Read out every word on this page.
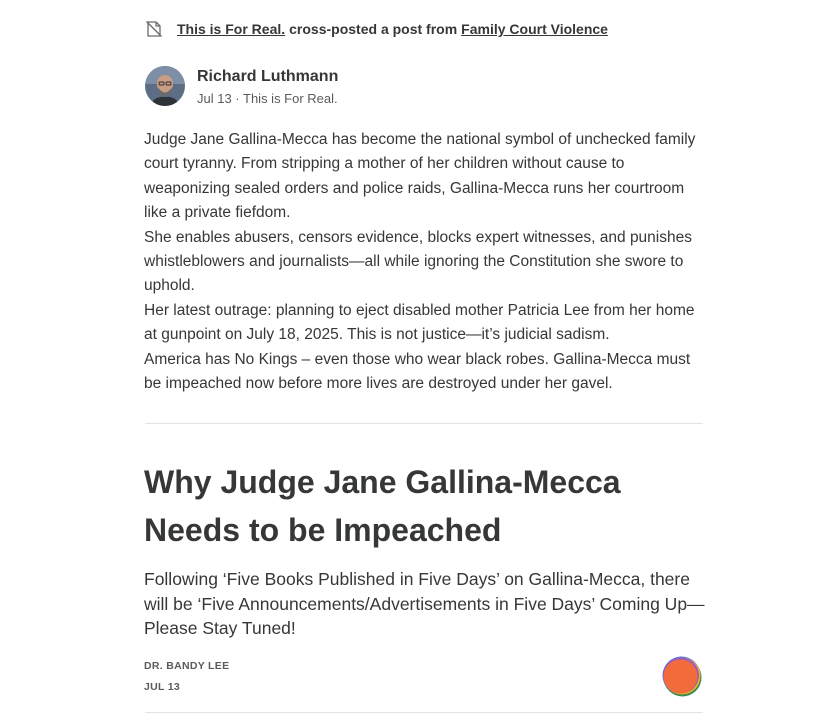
This is For Real. cross-posted a post from Family Court Violence
Richard Luthmann
Jul 13 · This is For Real.

Judge Jane Gallina-Mecca has become the national symbol of unchecked family court tyranny. From stripping a mother of her children without cause to weaponizing sealed orders and police raids, Gallina-Mecca runs her courtroom like a private fiefdom.

She enables abusers, censors evidence, blocks expert witnesses, and punishes whistleblowers and journalists—all while ignoring the Constitution she swore to uphold.

Her latest outrage: planning to eject disabled mother Patricia Lee from her home at gunpoint on July 18, 2025. This is not justice—it’s judicial sadism.

America has No Kings – even those who wear black robes. Gallina-Mecca must be impeached now before more lives are destroyed under her gavel.

Why Judge Jane Gallina-Mecca Needs to be Impeached

Following ‘Five Books Published in Five Days’ on Gallina-Mecca, there will be ‘Five Announcements/Advertisements in Five Days’ Coming Up—Please Stay Tuned!

DR. BANDY LEE
JUL 13
